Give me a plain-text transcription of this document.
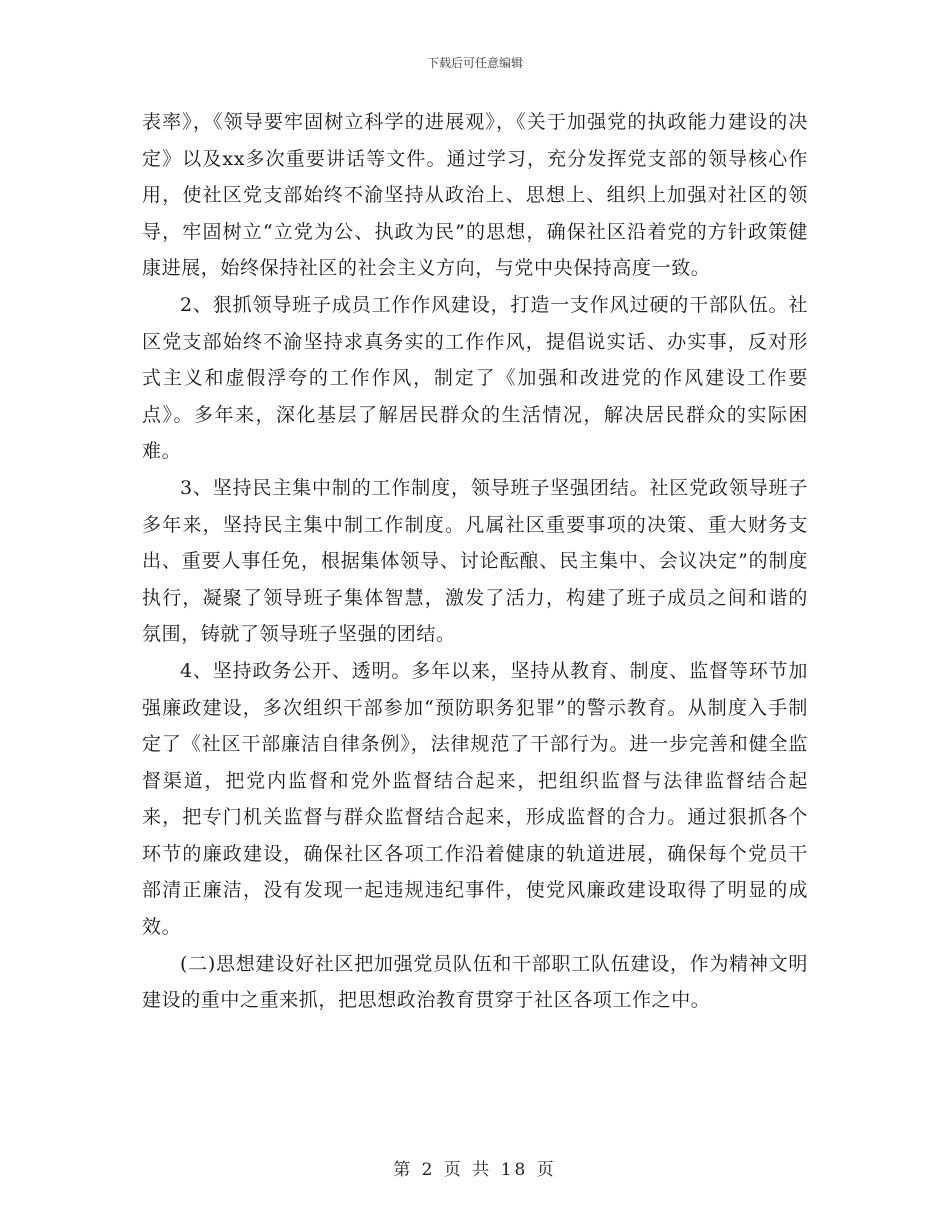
下载后可任意编辑

表率》，《领导要牢固树立科学的进展观》，《关于加强党的执政能力建设的决定》以及xx多次重要讲话等文件。通过学习，充分发挥党支部的领导核心作用，使社区党支部始终不渝坚持从政治上、思想上、组织上加强对社区的领导，牢固树立“立党为公、执政为民”的思想，确保社区沿着党的方针政策健康进展，始终保持社区的社会主义方向，与党中央保持高度一致。

2、狠抓领导班子成员工作作风建设，打造一支作风过硬的干部队伍。社区党支部始终不渝坚持求真务实的工作作风，提倡说实话、办实事，反对形式主义和虚假浮夸的工作作风，制定了《加强和改进党的作风建设工作要点》。多年来，深化基层了解居民群众的生活情况，解决居民群众的实际困难。

3、坚持民主集中制的工作制度，领导班子坚强团结。社区党政领导班子多年来，坚持民主集中制工作制度。凡属社区重要事项的决策、重大财务支出、重要人事任免，根据集体领导、讨论酝酿、民主集中、会议决定”的制度执行，凝聚了领导班子集体智慧，激发了活力，构建了班子成员之间和谐的氛围，铸就了领导班子坚强的团结。

4、坚持政务公开、透明。多年以来，坚持从教育、制度、监督等环节加强廉政建设，多次组织干部参加“预防职务犯罪”的警示教育。从制度入手制定了《社区干部廉洁自律条例》，法律规范了干部行为。进一步完善和健全监督渠道，把党内监督和党外监督结合起来，把组织监督与法律监督结合起来，把专门机关监督与群众监督结合起来，形成监督的合力。通过狠抓各个环节的廉政建设，确保社区各项工作沿着健康的轨道进展，确保每个党员干部清正廉洁，没有发现一起违规违纪事件，使党风廉政建设取得了明显的成效。

(二)思想建设好社区把加强党员队伍和干部职工队伍建设，作为精神文明建设的重中之重来抓，把思想政治教育贯穿于社区各项工作之中。

第 2 页 共 18 页
